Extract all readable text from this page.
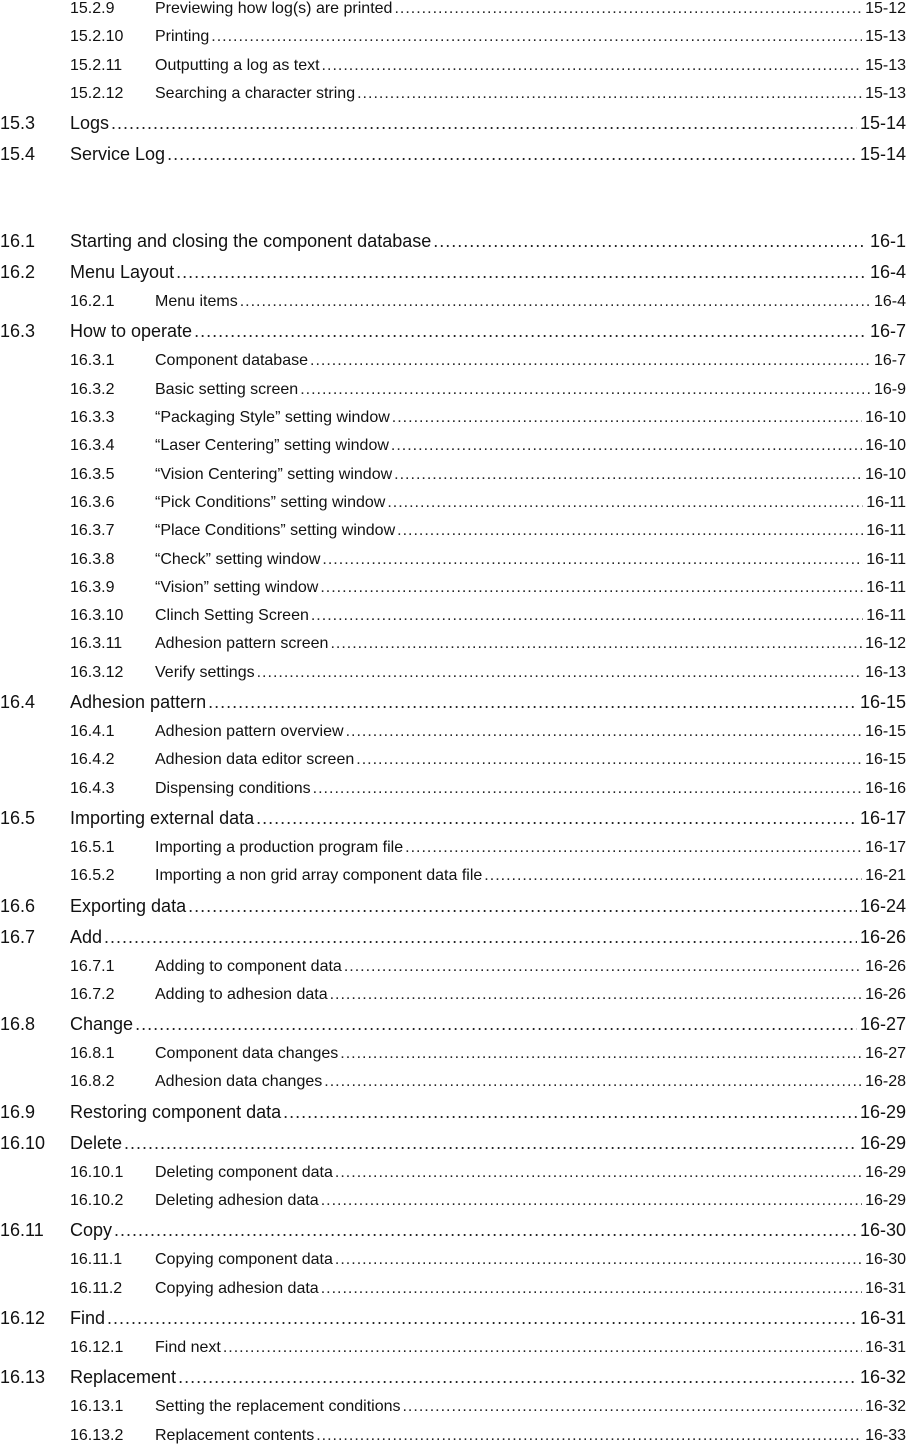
15.2.9	Previewing how log(s) are printed .....	15-12
15.2.10	Printing .....	15-13
15.2.11	Outputting a log as text .....	15-13
15.2.12	Searching a character string .....	15-13
15.3	Logs .....	15-14
15.4	Service Log .....	15-14
16.1	Starting and closing the component database .....	16-1
16.2	Menu Layout .....	16-4
16.2.1	Menu items .....	16-4
16.3	How to operate .....	16-7
16.3.1	Component database .....	16-7
16.3.2	Basic setting screen .....	16-9
16.3.3	“Packaging Style” setting window .....	16-10
16.3.4	“Laser Centering” setting window .....	16-10
16.3.5	“Vision Centering” setting window .....	16-10
16.3.6	“Pick Conditions” setting window .....	16-11
16.3.7	“Place Conditions” setting window .....	16-11
16.3.8	“Check” setting window .....	16-11
16.3.9	“Vision” setting window .....	16-11
16.3.10	Clinch Setting Screen .....	16-11
16.3.11	Adhesion pattern screen .....	16-12
16.3.12	Verify settings .....	16-13
16.4	Adhesion pattern .....	16-15
16.4.1	Adhesion pattern overview .....	16-15
16.4.2	Adhesion data editor screen .....	16-15
16.4.3	Dispensing conditions .....	16-16
16.5	Importing external data .....	16-17
16.5.1	Importing a production program file .....	16-17
16.5.2	Importing a non grid array component data file .....	16-21
16.6	Exporting data .....	16-24
16.7	Add .....	16-26
16.7.1	Adding to component data .....	16-26
16.7.2	Adding to adhesion data .....	16-26
16.8	Change .....	16-27
16.8.1	Component data changes .....	16-27
16.8.2	Adhesion data changes .....	16-28
16.9	Restoring component data .....	16-29
16.10	Delete .....	16-29
16.10.1	Deleting component data .....	16-29
16.10.2	Deleting adhesion data .....	16-29
16.11	Copy .....	16-30
16.11.1	Copying component data .....	16-30
16.11.2	Copying adhesion data .....	16-31
16.12	Find .....	16-31
16.12.1	Find next .....	16-31
16.13	Replacement .....	16-32
16.13.1	Setting the replacement conditions .....	16-32
16.13.2	Replacement contents .....	16-33
